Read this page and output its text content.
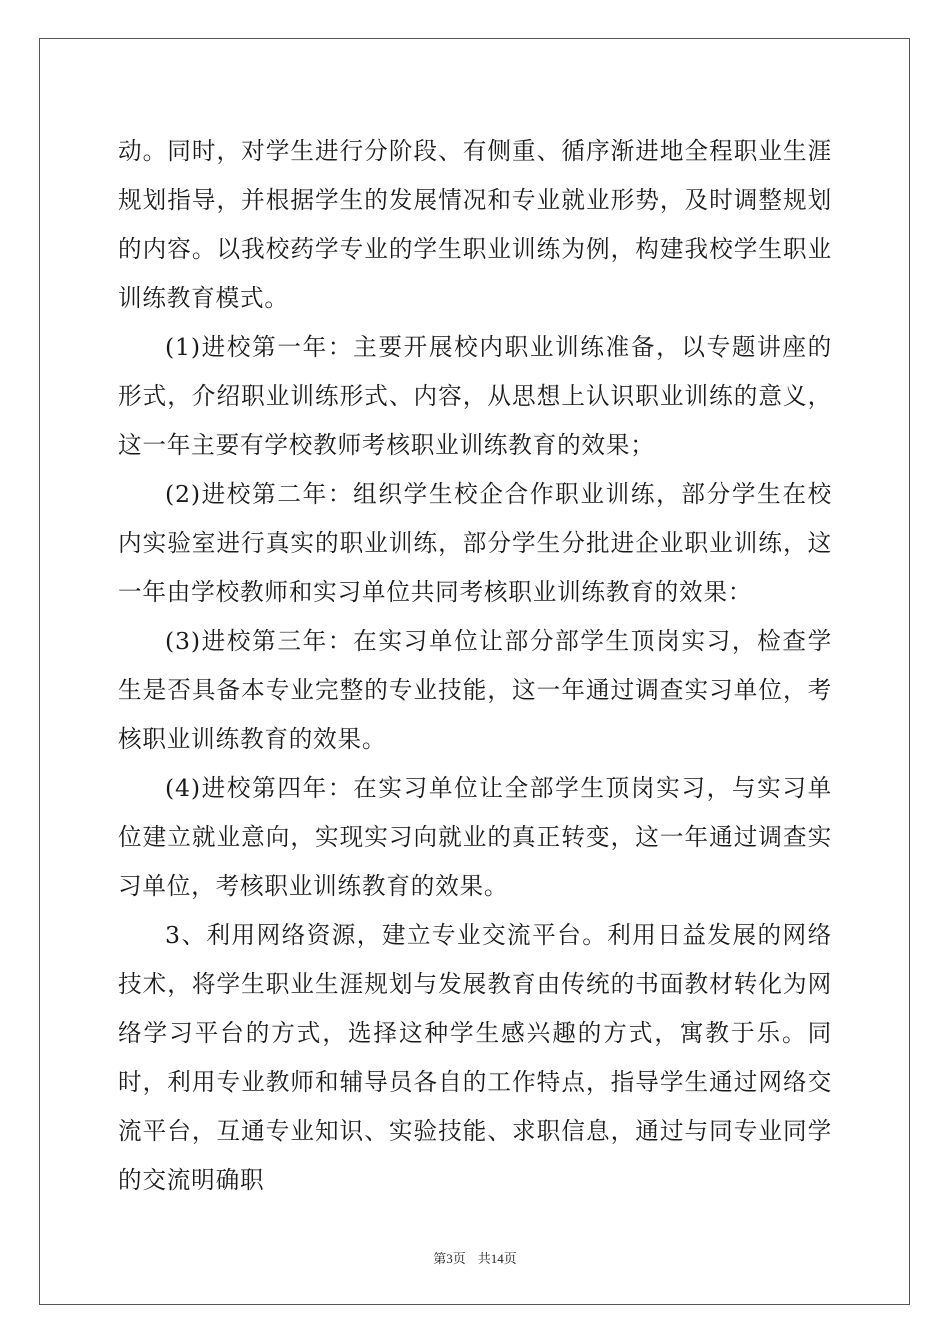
动。同时，对学生进行分阶段、有侧重、循序渐进地全程职业生涯规划指导，并根据学生的发展情况和专业就业形势，及时调整规划的内容。以我校药学专业的学生职业训练为例，构建我校学生职业训练教育模式。

(1)进校第一年：主要开展校内职业训练准备，以专题讲座的形式，介绍职业训练形式、内容，从思想上认识职业训练的意义，这一年主要有学校教师考核职业训练教育的效果；

(2)进校第二年：组织学生校企合作职业训练，部分学生在校内实验室进行真实的职业训练，部分学生分批进企业职业训练，这一年由学校教师和实习单位共同考核职业训练教育的效果：

(3)进校第三年：在实习单位让部分部学生顶岗实习，检查学生是否具备本专业完整的专业技能，这一年通过调查实习单位，考核职业训练教育的效果。

(4)进校第四年：在实习单位让全部学生顶岗实习，与实习单位建立就业意向，实现实习向就业的真正转变，这一年通过调查实习单位，考核职业训练教育的效果。

3、利用网络资源，建立专业交流平台。利用日益发展的网络技术，将学生职业生涯规划与发展教育由传统的书面教材转化为网络学习平台的方式，选择这种学生感兴趣的方式，寓教于乐。同时，利用专业教师和辅导员各自的工作特点，指导学生通过网络交流平台，互通专业知识、实验技能、求职信息，通过与同专业同学的交流明确职

第3页 共14页
